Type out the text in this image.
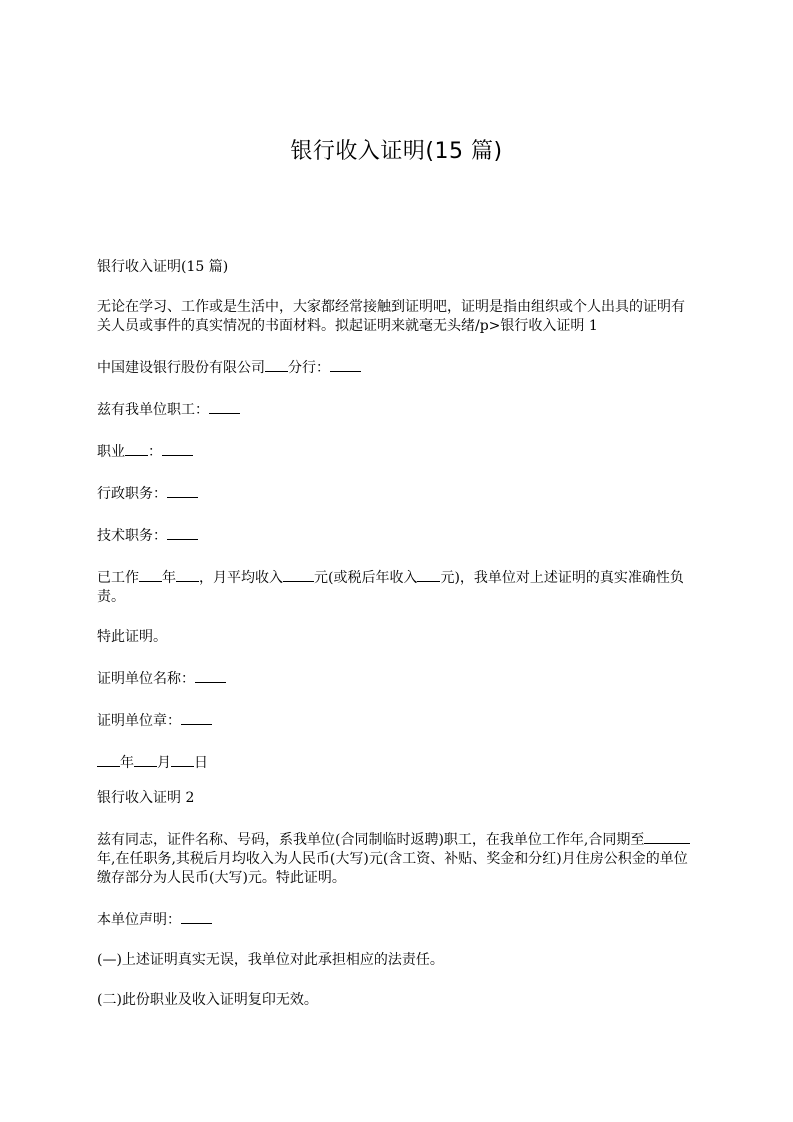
银行收入证明(15 篇)

银行收入证明(15 篇)

无论在学习、工作或是生活中，大家都经常接触到证明吧，证明是指由组织或个人出具的证明有关人员或事件的真实情况的书面材料。拟起证明来就毫无头绪/p>银行收入证明 1

中国建设银行股份有限公司 分行：

兹有我单位职工：

职业 ：

行政职务：

技术职务：

已工作 年 ，月平均收入 元(或税后年收入 元)，我单位对上述证明的真实准确性负责。

特此证明。

证明单位名称：

证明单位章：

年 月 日

银行收入证明 2

兹有同志，证件名称、号码，系我单位(合同制临时返聘)职工，在我单位工作年,合同期至年,在任职务,其税后月均收入为人民币(大写)元(含工资、补贴、奖金和分红)月住房公积金的单位缴存部分为人民币(大写)元。特此证明。

本单位声明：

(—)上述证明真实无误，我单位对此承担相应的法责任。

(二)此份职业及收入证明复印无效。
